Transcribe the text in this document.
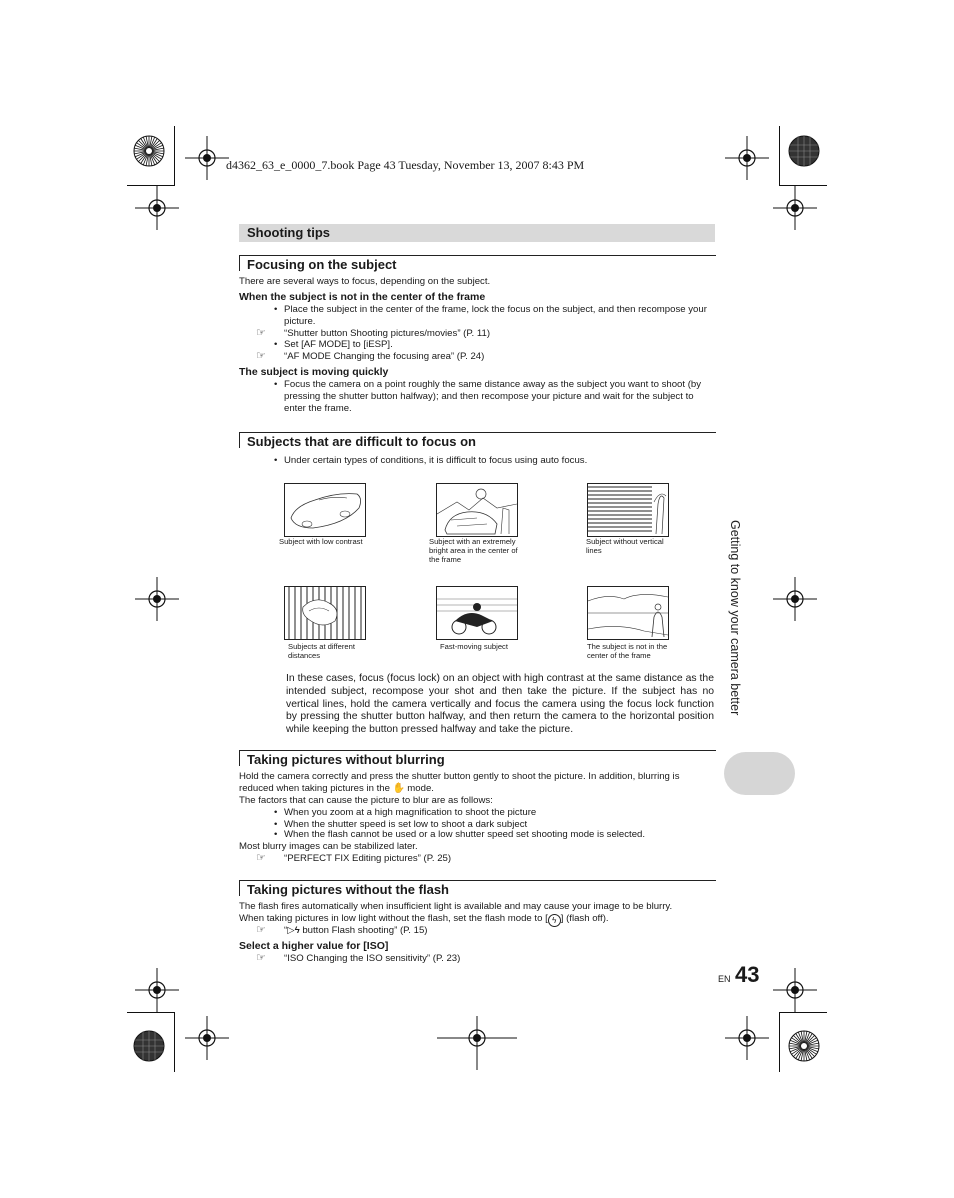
d4362_63_e_0000_7.book Page 43 Tuesday, November 13, 2007 8:43 PM
Shooting tips
Focusing on the subject
There are several ways to focus, depending on the subject.
When the subject is not in the center of the frame
• Place the subject in the center of the frame, lock the focus on the subject, and then recompose your picture.
☞ “Shutter button Shooting pictures/movies” (P. 11)
• Set [AF MODE] to [iESP].
☞ “AF MODE Changing the focusing area” (P. 24)
The subject is moving quickly
• Focus the camera on a point roughly the same distance away as the subject you want to shoot (by pressing the shutter button halfway); and then recompose your picture and wait for the subject to enter the frame.
Subjects that are difficult to focus on
• Under certain types of conditions, it is difficult to focus using auto focus.
Subject with low contrast	Subject with an extremely bright area in the center of the frame
Subject without vertical lines
Subjects at different distances
Fast-moving subject	The subject is not in the center of the frame
In these cases, focus (focus lock) on an object with high contrast at the same distance as the intended subject, recompose your shot and then take the picture. If the subject has no vertical lines, hold the camera vertically and focus the camera using the focus lock function by pressing the shutter button halfway, and then return the camera to the horizontal position while keeping the button pressed halfway and take the picture.
Taking pictures without blurring
Hold the camera correctly and press the shutter button gently to shoot the picture. In addition, blurring is
reduced when taking pictures in the ✋ mode.
The factors that can cause the picture to blur are as follows:
• When you zoom at a high magnification to shoot the picture
• When the shutter speed is set low to shoot a dark subject
• When the flash cannot be used or a low shutter speed set shooting mode is selected.
Most blurry images can be stabilized later.
☞ “PERFECT FIX Editing pictures” (P. 25)
Taking pictures without the flash
The flash fires automatically when insufficient light is available and may cause your image to be blurry.
When taking pictures in low light without the flash, set the flash mode to [ ϟ ] (flash off).
☞ “▷ϟ button Flash shooting” (P. 15)
Select a higher value for [ISO]
☞ “ISO Changing the ISO sensitivity” (P. 23)
Getting to know your camera better
EN 43
